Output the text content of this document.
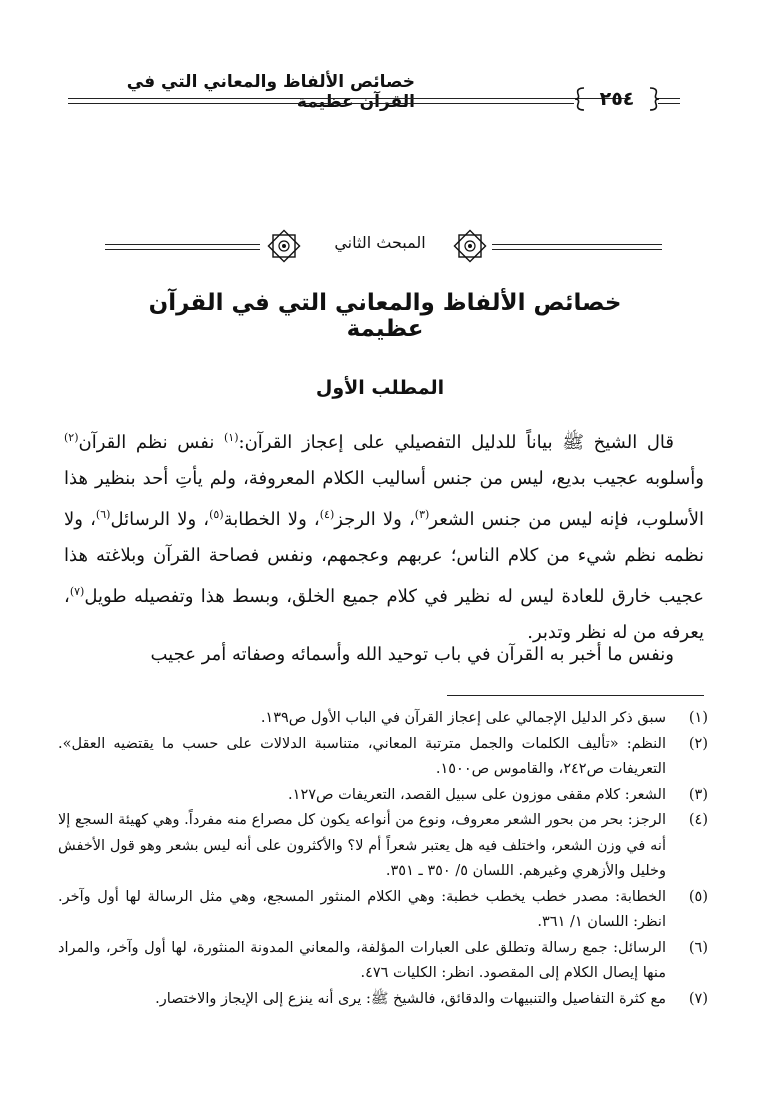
خصائص الألفاظ والمعاني التي في القرآن عظيمة	٢٥٤
المبحث الثاني
خصائص الألفاظ والمعاني التي في القرآن عظيمة
المطلب الأول
قال الشيخ ﷺ بياناً للدليل التفصيلي على إعجاز القرآن:$^{(١)}$ نفس نظم القرآن$^{(٢)}$ وأسلوبه عجيب بديع، ليس من جنس أساليب الكلام المعروفة، ولم يأتِ أحد بنظير هذا الأسلوب، فإنه ليس من جنس الشعر$^{(٣)}$، ولا الرجز$^{(٤)}$، ولا الخطابة$^{(٥)}$، ولا الرسائل$^{(٦)}$، ولا نظمه نظم شيء من كلام الناس؛ عربهم وعجمهم، ونفس فصاحة القرآن وبلاغته هذا عجيب خارق للعادة ليس له نظير في كلام جميع الخلق، وبسط هذا وتفصيله طويل$^{(٧)}$، يعرفه من له نظر وتدبر.
ونفس ما أخبر به القرآن في باب توحيد الله وأسمائه وصفاته أمر عجيب
(١)
سبق ذكر الدليل الإجمالي على إعجاز القرآن في الباب الأول ص١٣٩.
(٢)
النظم: «تأليف الكلمات والجمل مترتبة المعاني، متناسبة الدلالات على حسب ما يقتضيه العقل». التعريفات ص٢٤٢، والقاموس ص١٥٠٠.
(٣)
الشعر: كلام مقفى موزون على سبيل القصد، التعريفات ص١٢٧.
(٤)
الرجز: بحر من بحور الشعر معروف، ونوع من أنواعه يكون كل مصراع منه مفرداً. وهي كهيئة السجع إلا أنه في وزن الشعر، واختلف فيه هل يعتبر شعراً أم لا؟ والأكثرون على أنه ليس بشعر وهو قول الأخفش وخليل والأزهري وغيرهم. اللسان ٥/ ٣٥٠ ـ ٣٥١.
(٥)
الخطابة: مصدر خطب يخطب خطبة: وهي الكلام المنثور المسجع، وهي مثل الرسالة لها أول وآخر. انظر: اللسان ١/ ٣٦١.
(٦)
الرسائل: جمع رسالة وتطلق على العبارات المؤلفة، والمعاني المدونة المنثورة، لها أول وآخر، والمراد منها إيصال الكلام إلى المقصود. انظر: الكليات ٤٧٦.
(٧)
مع كثرة التفاصيل والتنبيهات والدقائق، فالشيخ ﷺ: يرى أنه ينزع إلى الإيجاز والاختصار.
